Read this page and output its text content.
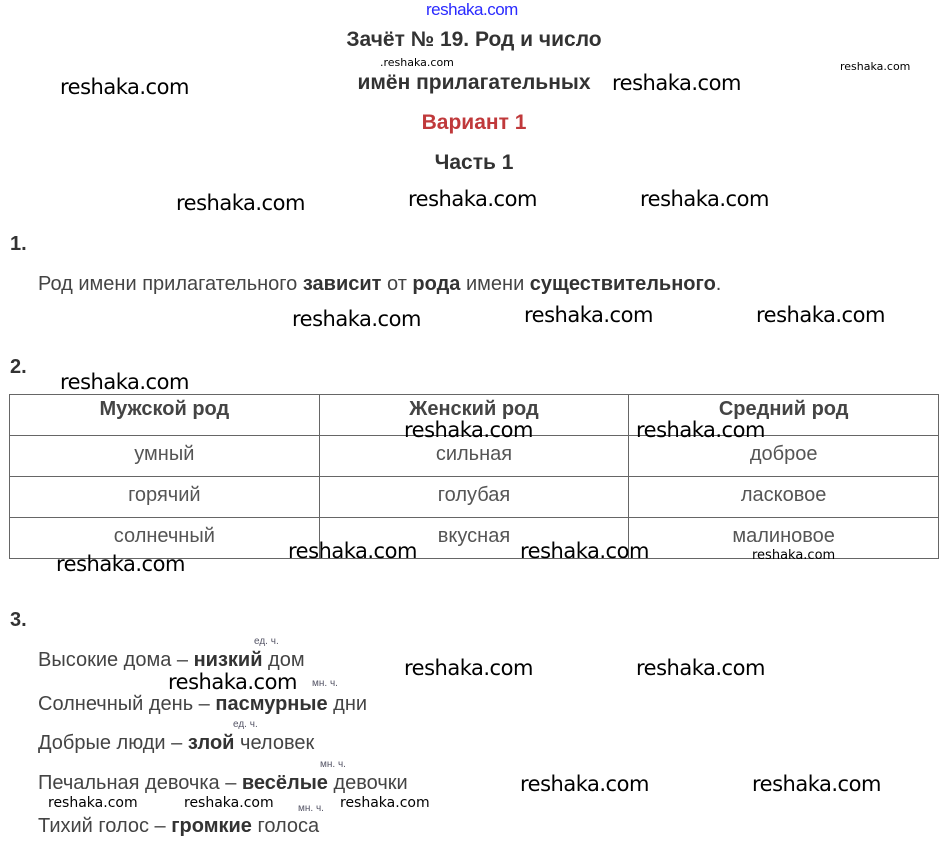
reshaka.com
Зачёт № 19. Род и число
имён прилагательных
Вариант 1
Часть 1
1.
Род имени прилагательного зависит от рода имени существительного.
2.
Мужской род	Женский род	Средний род
умный	сильная	доброе
горячий	голубая	ласковое
солнечный	вкусная	малиновое
3.
ед. ч.
Высокие дома – низкий дом
мн. ч.
Солнечный день – пасмурные дни
ед. ч.
Добрые люди – злой человек
мн. ч.
Печальная девочка – весёлые девочки
мн. ч.
Тихий голос – громкие голоса
.reshaka.com	reshaka.com
reshaka.com	reshaka.com
reshaka.com	reshaka.com	reshaka.com
reshaka.com	reshaka.com	reshaka.com
reshaka.com
reshaka.com	reshaka.com
reshaka.com	reshaka.com	reshaka.com
reshaka.com
reshaka.com	reshaka.com
reshaka.com
reshaka.com	reshaka.com
reshaka.com	reshaka.com	reshaka.com
